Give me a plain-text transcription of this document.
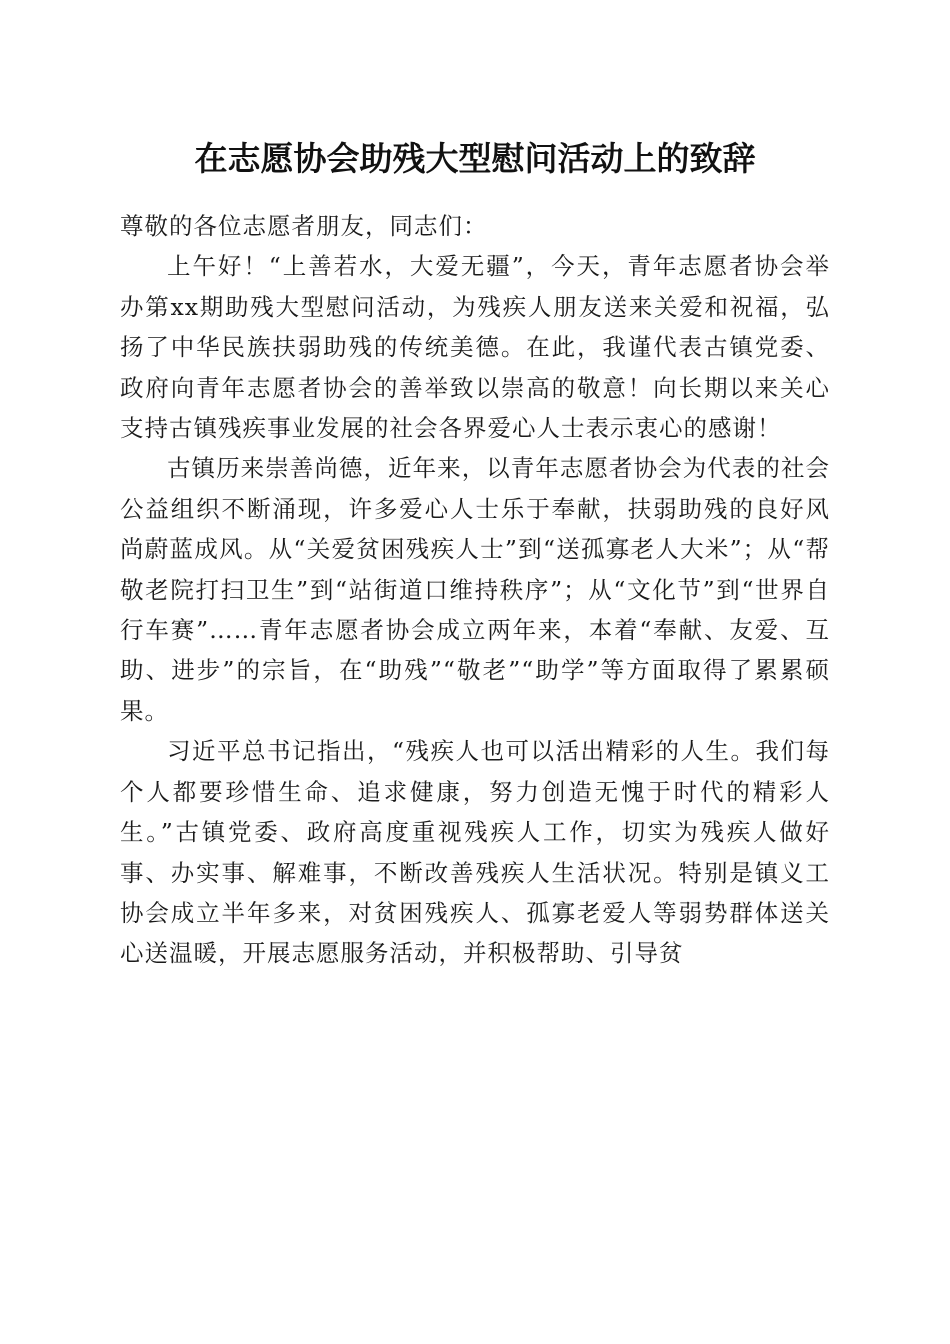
在志愿协会助残大型慰问活动上的致辞

尊敬的各位志愿者朋友，同志们：

上午好！“上善若水，大爱无疆”，今天，青年志愿者协会举办第xx期助残大型慰问活动，为残疾人朋友送来关爱和祝福，弘扬了中华民族扶弱助残的传统美德。在此，我谨代表古镇党委、政府向青年志愿者协会的善举致以崇高的敬意！向长期以来关心支持古镇残疾事业发展的社会各界爱心人士表示衷心的感谢！

古镇历来崇善尚德，近年来，以青年志愿者协会为代表的社会公益组织不断涌现，许多爱心人士乐于奉献，扶弱助残的良好风尚蔚蓝成风。从“关爱贫困残疾人士”到“送孤寡老人大米”；从“帮敬老院打扫卫生”到“站街道口维持秩序”；从“文化节”到“世界自行车赛”……青年志愿者协会成立两年来，本着“奉献、友爱、互助、进步”的宗旨，在“助残”“敬老”“助学”等方面取得了累累硕果。

习近平总书记指出，“残疾人也可以活出精彩的人生。我们每个人都要珍惜生命、追求健康，努力创造无愧于时代的精彩人生。”古镇党委、政府高度重视残疾人工作，切实为残疾人做好事、办实事、解难事，不断改善残疾人生活状况。特别是镇义工协会成立半年多来，对贫困残疾人、孤寡老爱人等弱势群体送关心送温暖，开展志愿服务活动，并积极帮助、引导贫
